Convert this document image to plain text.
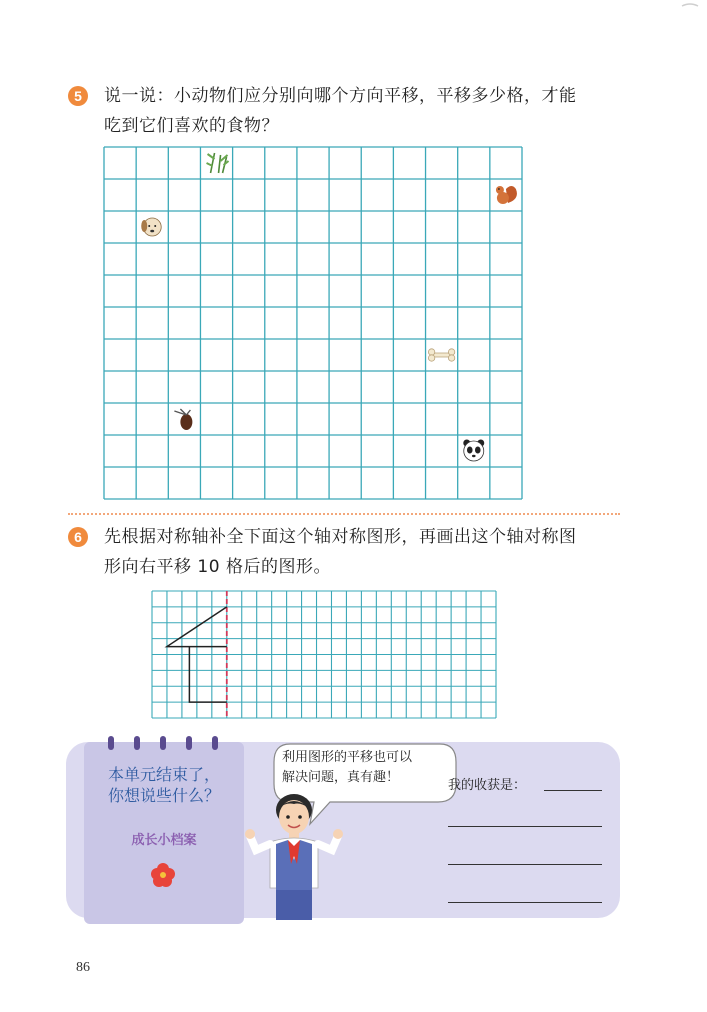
5	说一说：小动物们应分别向哪个方向平移，平移多少格，才能
吃到它们喜欢的食物？
6	先根据对称轴补全下面这个轴对称图形，再画出这个轴对称图
形向右平移 10 格后的图形。
本单元结束了，
你想说些什么？
成长小档案
利用图形的平移也可以
解决问题，真有趣！
我的收获是：
86
